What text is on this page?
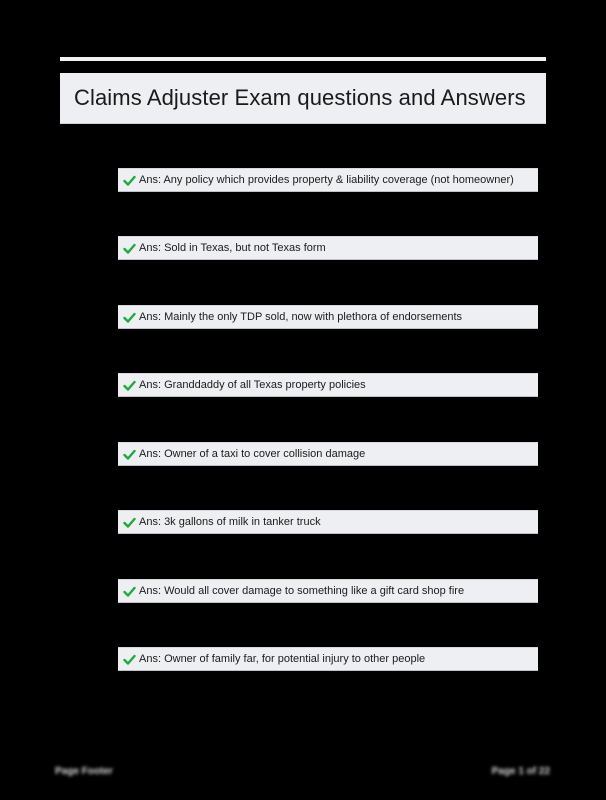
Claims Adjuster Exam questions and Answers
Ans: Any policy which provides property & liability coverage (not homeowner)
Ans: Sold in Texas, but not Texas form
Ans: Mainly the only TDP sold, now with plethora of endorsements
Ans: Granddaddy of all Texas property policies
Ans: Owner of a taxi to cover collision damage
Ans: 3k gallons of milk in tanker truck
Ans: Would all cover damage to something like a gift card shop fire
Ans: Owner of family far, for potential injury to other people
Page Footer	Page 1 of 22
